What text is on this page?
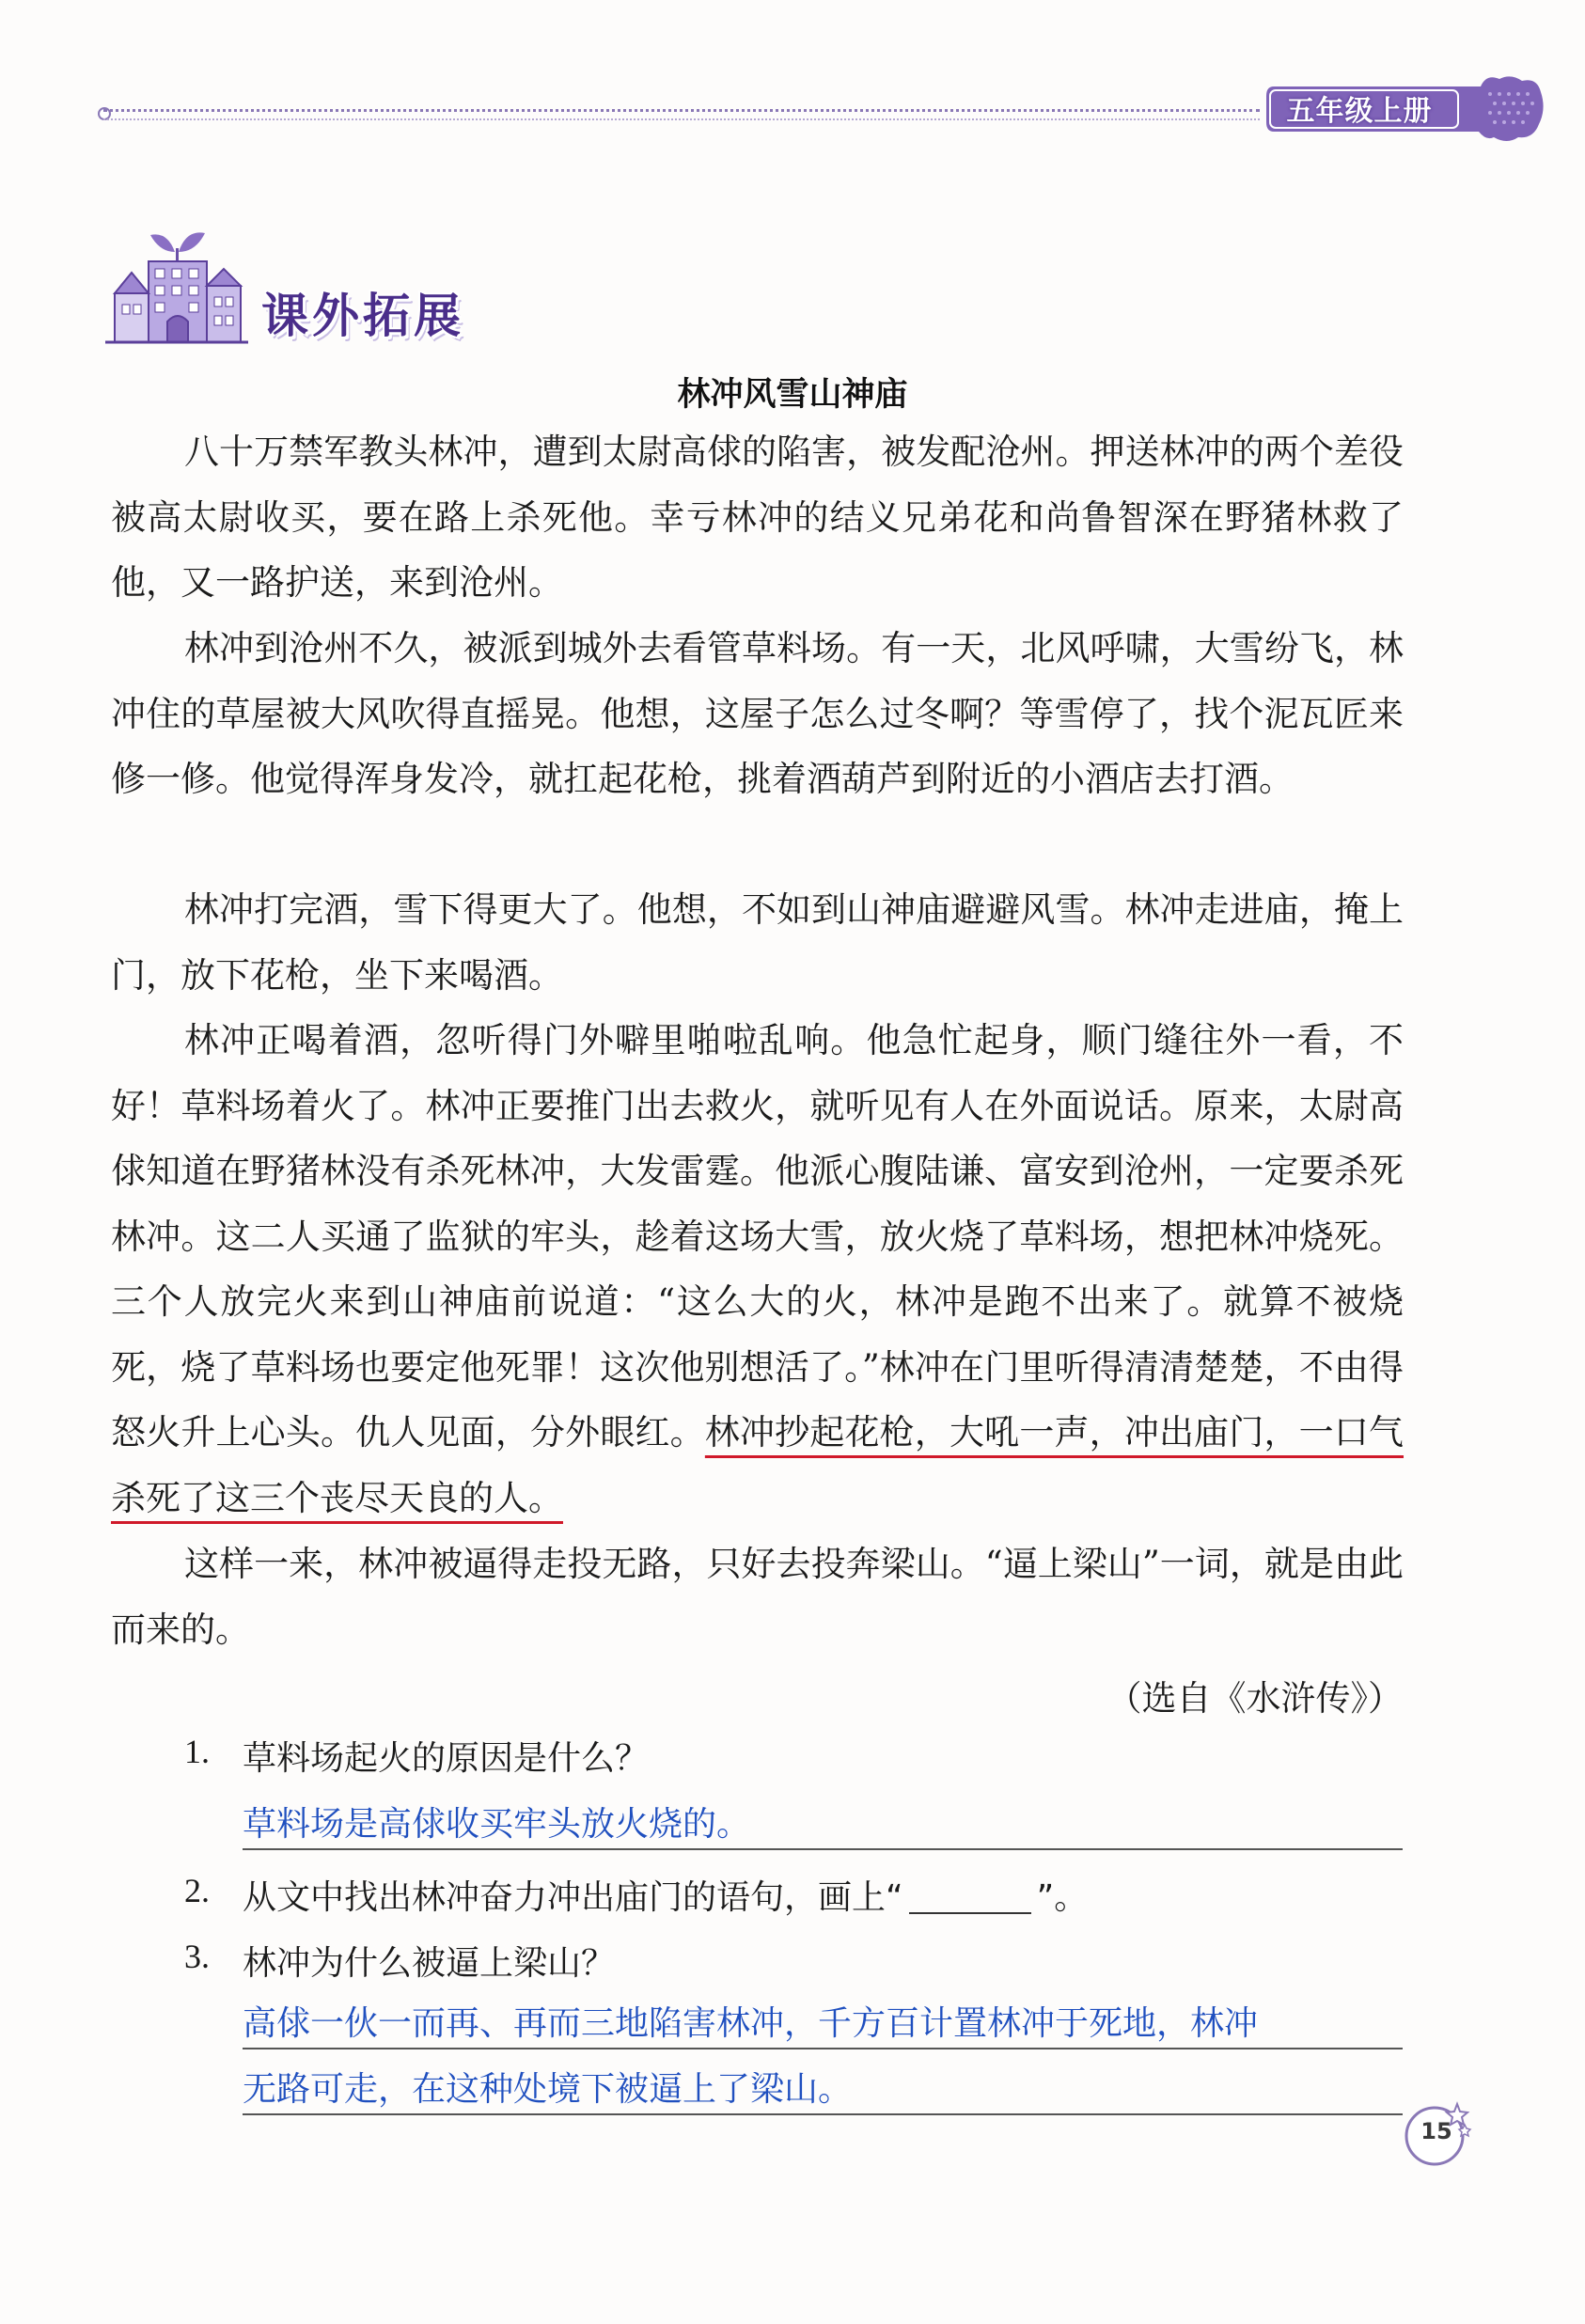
五年级上册
课外拓展
林冲风雪山神庙

八十万禁军教头林冲，遭到太尉高俅的陷害，被发配沧州。押送林冲的两个差役被高太尉收买，要在路上杀死他。幸亏林冲的结义兄弟花和尚鲁智深在野猪林救了他，又一路护送，来到沧州。

林冲到沧州不久，被派到城外去看管草料场。有一天，北风呼啸，大雪纷飞，林冲住的草屋被大风吹得直摇晃。他想，这屋子怎么过冬啊？等雪停了，找个泥瓦匠来修一修。他觉得浑身发冷，就扛起花枪，挑着酒葫芦到附近的小酒店去打酒。

林冲打完酒，雪下得更大了。他想，不如到山神庙避避风雪。林冲走进庙，掩上门，放下花枪，坐下来喝酒。

林冲正喝着酒，忽听得门外噼里啪啦乱响。他急忙起身，顺门缝往外一看，不好！草料场着火了。林冲正要推门出去救火，就听见有人在外面说话。原来，太尉高俅知道在野猪林没有杀死林冲，大发雷霆。他派心腹陆谦、富安到沧州，一定要杀死林冲。这二人买通了监狱的牢头，趁着这场大雪，放火烧了草料场，想把林冲烧死。三个人放完火来到山神庙前说道：“这么大的火，林冲是跑不出来了。就算不被烧死，烧了草料场也要定他死罪！这次他别想活了。”林冲在门里听得清清楚楚，不由得怒火升上心头。仇人见面，分外眼红。林冲抄起花枪，大吼一声，冲出庙门，一口气杀死了这三个丧尽天良的人。

这样一来，林冲被逼得走投无路，只好去投奔梁山。“逼上梁山”一词，就是由此而来的。

（选自《水浒传》）
1. 草料场起火的原因是什么？
草料场是高俅收买牢头放火烧的。
2. 从文中找出林冲奋力冲出庙门的语句，画上“	”。
3. 林冲为什么被逼上梁山？
高俅一伙一而再、再而三地陷害林冲，千方百计置林冲于死地，林冲
无路可走，在这种处境下被逼上了梁山。
15
